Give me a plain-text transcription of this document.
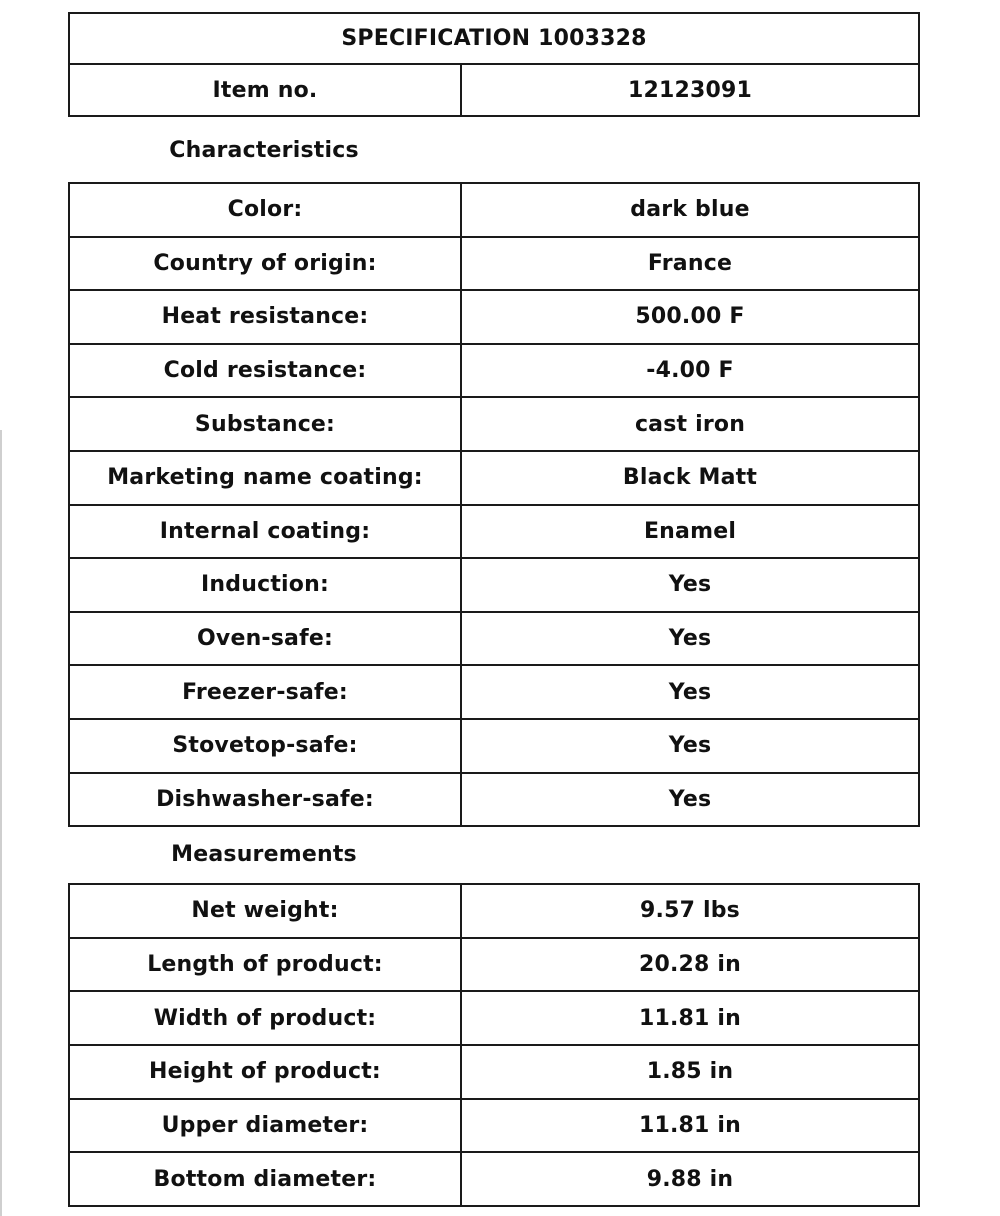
SPECIFICATION 1003328
Item no.	12123091
Characteristics
Color:	dark blue
Country of origin:	France
Heat resistance:	500.00 F
Cold resistance:	-4.00 F
Substance:	cast iron
Marketing name coating:	Black Matt
Internal coating:	Enamel
Induction:	Yes
Oven-safe:	Yes
Freezer-safe:	Yes
Stovetop-safe:	Yes
Dishwasher-safe:	Yes
Measurements
Net weight:	9.57 lbs
Length of product:	20.28 in
Width of product:	11.81 in
Height of product:	1.85 in
Upper diameter:	11.81 in
Bottom diameter:	9.88 in
